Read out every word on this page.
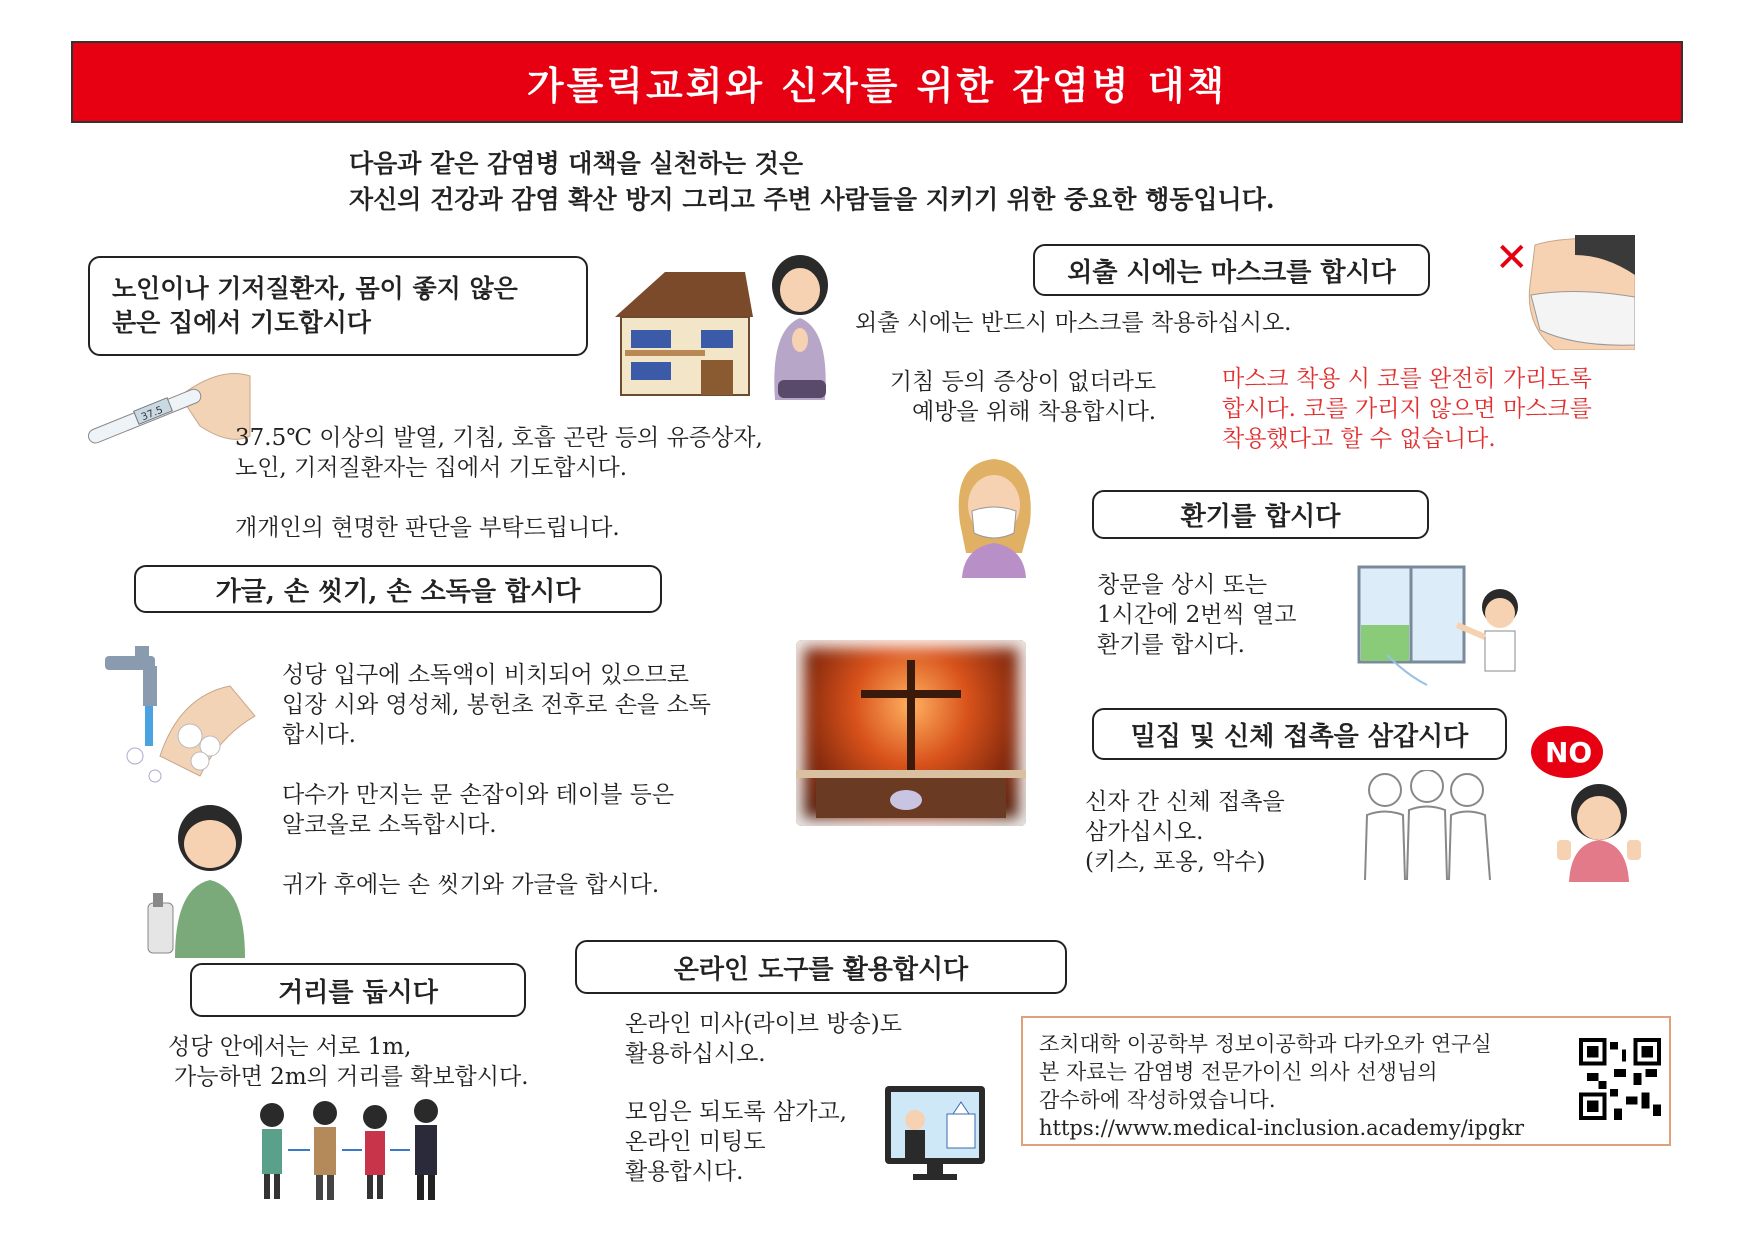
가톨릭교회와 신자를 위한 감염병 대책
다음과 같은 감염병 대책을 실천하는 것은
자신의 건강과 감염 확산 방지 그리고 주변 사람들을 지키기 위한 중요한 행동입니다.
노인이나 기저질환자, 몸이 좋지 않은
분은 집에서 기도합시다
37.5
37.5℃ 이상의 발열, 기침, 호흡 곤란 등의 유증상자,
노인, 기저질환자는 집에서 기도합시다.
개개인의 현명한 판단을 부탁드립니다.
가글, 손 씻기, 손 소독을 합시다
성당 입구에 소독액이 비치되어 있으므로
입장 시와 영성체, 봉헌초 전후로 손을 소독
합시다.
다수가 만지는 문 손잡이와 테이블 등은
알코올로 소독합시다.
귀가 후에는 손 씻기와 가글을 합시다.
거리를 둡시다
성당 안에서는 서로 1m,
가능하면 2m의 거리를 확보합시다.
온라인 도구를 활용합시다
온라인 미사(라이브 방송)도
활용하십시오.
모임은 되도록 삼가고,
온라인 미팅도
활용합시다.
외출 시에는 마스크를 합시다 ✕
외출 시에는 반드시 마스크를 착용하십시오.
기침 등의 증상이 없더라도
예방을 위해 착용합시다.
마스크 착용 시 코를 완전히 가리도록
합시다. 코를 가리지 않으면 마스크를
착용했다고 할 수 없습니다.
환기를 합시다
창문을 상시 또는
1시간에 2번씩 열고
환기를 합시다.
밀집 및 신체 접촉을 삼갑시다
신자 간 신체 접촉을
삼가십시오.
(키스, 포옹, 악수)
NO
조치대학 이공학부 정보이공학과 다카오카 연구실
본 자료는 감염병 전문가이신 의사 선생님의
감수하에 작성하였습니다.
https://www.medical-inclusion.academy/ipgkr
